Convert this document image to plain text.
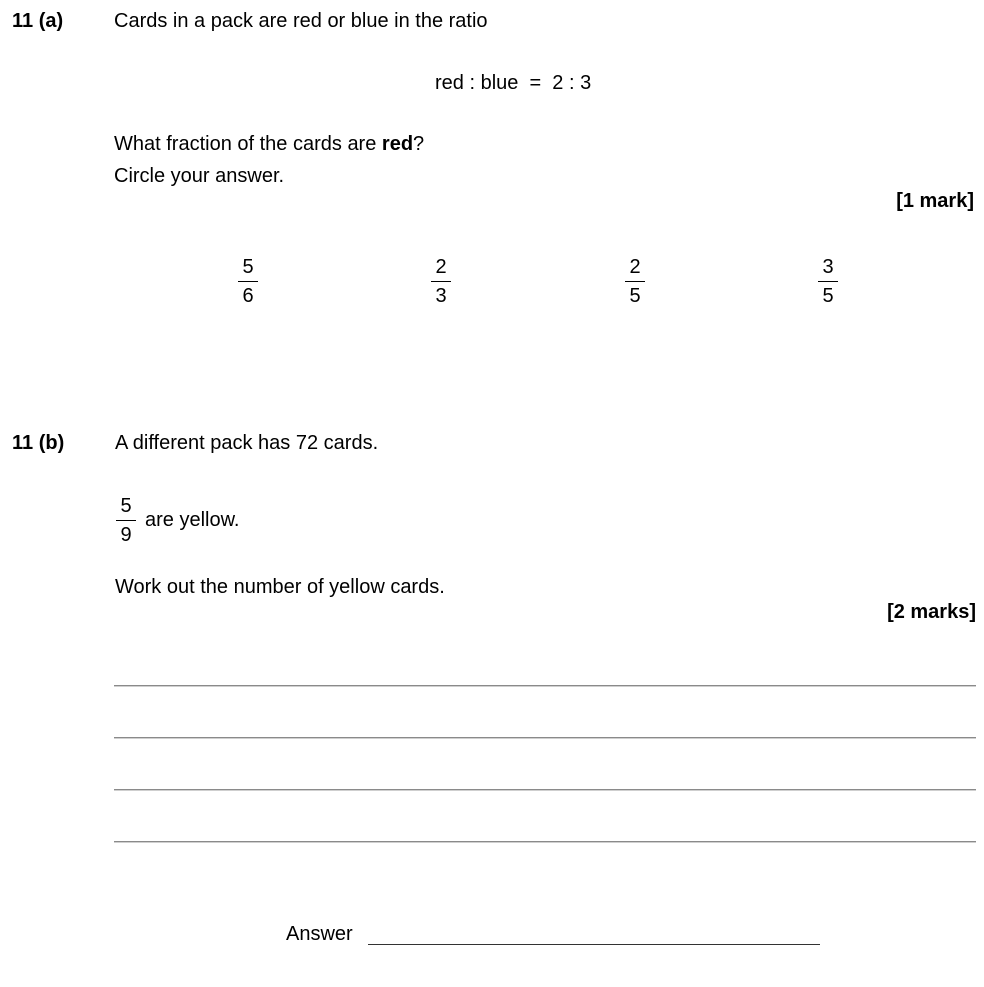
11 (a)	Cards in a pack are red or blue in the ratio
red : blue  =  2 : 3
What fraction of the cards are red?
Circle your answer.
[1 mark]
5
6
2
3
2
5
3
5
11 (b)	A different pack has 72 cards.
5
9
are yellow.
Work out the number of yellow cards.
[2 marks]
Answer
